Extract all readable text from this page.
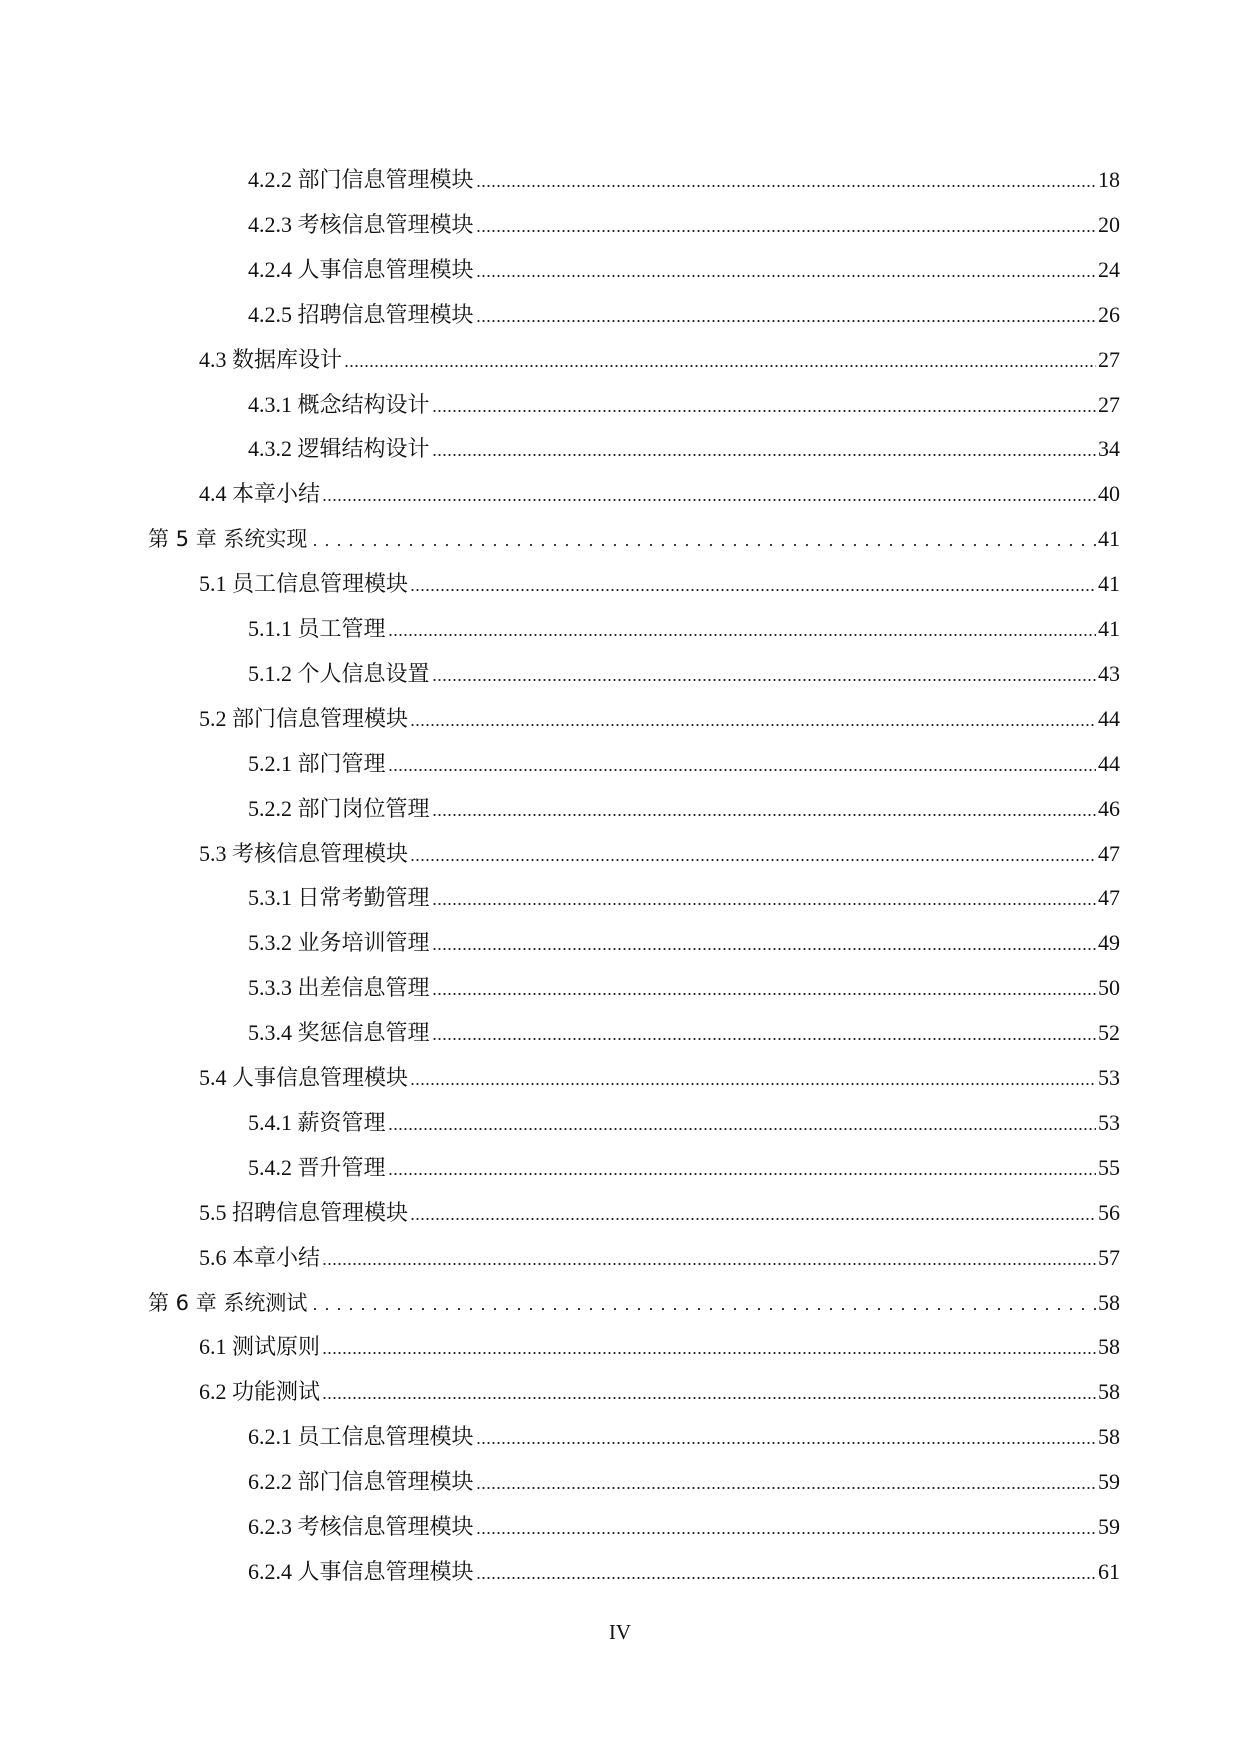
4.2.2 部门信息管理模块	18
4.2.3 考核信息管理模块	20
4.2.4 人事信息管理模块	24
4.2.5 招聘信息管理模块	26
4.3 数据库设计	27
4.3.1 概念结构设计	27
4.3.2 逻辑结构设计	34
4.4 本章小结	40
第 5 章 系统实现	41
5.1 员工信息管理模块	41
5.1.1 员工管理	41
5.1.2 个人信息设置	43
5.2 部门信息管理模块	44
5.2.1 部门管理	44
5.2.2 部门岗位管理	46
5.3 考核信息管理模块	47
5.3.1 日常考勤管理	47
5.3.2 业务培训管理	49
5.3.3 出差信息管理	50
5.3.4 奖惩信息管理	52
5.4 人事信息管理模块	53
5.4.1 薪资管理	53
5.4.2 晋升管理	55
5.5 招聘信息管理模块	56
5.6 本章小结	57
第 6 章 系统测试	58
6.1 测试原则	58
6.2 功能测试	58
6.2.1 员工信息管理模块	58
6.2.2 部门信息管理模块	59
6.2.3 考核信息管理模块	59
6.2.4 人事信息管理模块	61
IV
